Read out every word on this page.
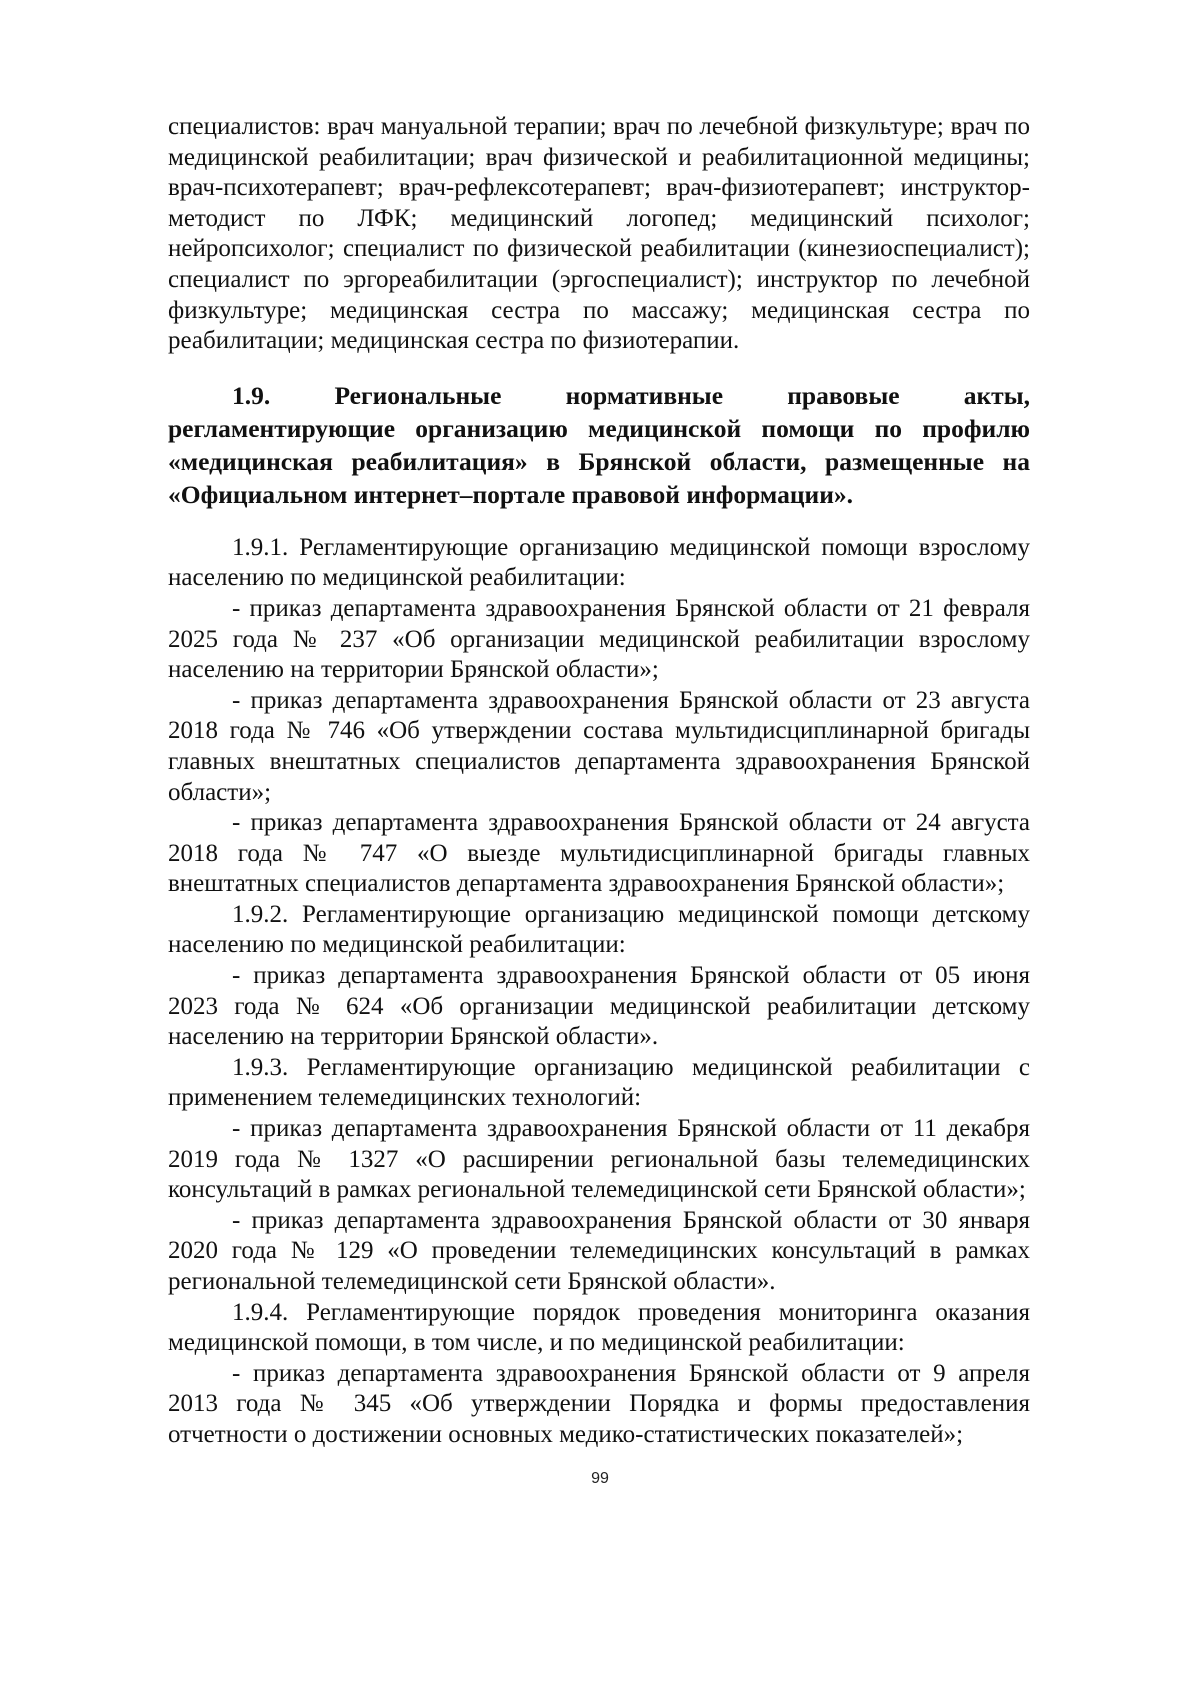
специалистов: врач мануальной терапии; врач по лечебной физкультуре; врач по медицинской реабилитации; врач физической и реабилитационной медицины; врач-психотерапевт; врач-рефлексотерапевт; врач-физиотерапевт; инструктор-методист по ЛФК; медицинский логопед; медицинский психолог; нейропсихолог; специалист по физической реабилитации (кинезиоспециалист); специалист по эргореабилитации (эргоспециалист); инструктор по лечебной физкультуре; медицинская сестра по массажу; медицинская сестра по реабилитации; медицинская сестра по физиотерапии.

1.9. Региональные нормативные правовые акты, регламентирующие организацию медицинской помощи по профилю «медицинская реабилитация» в Брянской области, размещенные на «Официальном интернет–портале правовой информации».

1.9.1. Регламентирующие организацию медицинской помощи взрослому населению по медицинской реабилитации:

- приказ департамента здравоохранения Брянской области от 21 февраля 2025 года № 237 «Об организации медицинской реабилитации взрослому населению на территории Брянской области»;

- приказ департамента здравоохранения Брянской области от 23 августа 2018 года № 746 «Об утверждении состава мультидисциплинарной бригады главных внештатных специалистов департамента здравоохранения Брянской области»;

- приказ департамента здравоохранения Брянской области от 24 августа 2018 года № 747 «О выезде мультидисциплинарной бригады главных внештатных специалистов департамента здравоохранения Брянской области»;

1.9.2. Регламентирующие организацию медицинской помощи детскому населению по медицинской реабилитации:

- приказ департамента здравоохранения Брянской области от 05 июня 2023 года № 624 «Об организации медицинской реабилитации детскому населению на территории Брянской области».

1.9.3. Регламентирующие организацию медицинской реабилитации с применением телемедицинских технологий:

- приказ департамента здравоохранения Брянской области от 11 декабря 2019 года № 1327 «О расширении региональной базы телемедицинских консультаций в рамках региональной телемедицинской сети Брянской области»;

- приказ департамента здравоохранения Брянской области от 30 января 2020 года № 129 «О проведении телемедицинских консультаций в рамках региональной телемедицинской сети Брянской области».

1.9.4. Регламентирующие порядок проведения мониторинга оказания медицинской помощи, в том числе, и по медицинской реабилитации:

- приказ департамента здравоохранения Брянской области от 9 апреля 2013 года № 345 «Об утверждении Порядка и формы предоставления отчетности о достижении основных медико-статистических показателей»;

99
